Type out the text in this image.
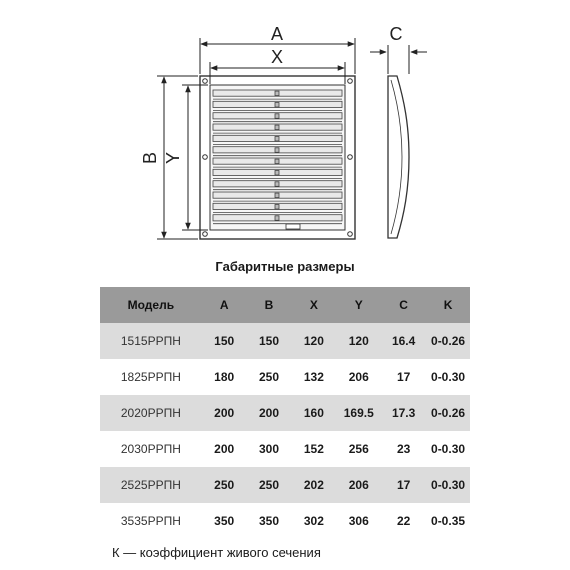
A
X
B Y
C
Габаритные размеры
Модель	A	B	X	Y	C	K
1515РРПН	150	150	120	120	16.4	0-0.26
1825РРПН	180	250	132	206	17	0-0.30
2020РРПН	200	200	160	169.5	17.3	0-0.26
2030РРПН	200	300	152	256	23	0-0.30
2525РРПН	250	250	202	206	17	0-0.30
3535РРПН	350	350	302	306	22	0-0.35
К — коэффициент живого сечения
